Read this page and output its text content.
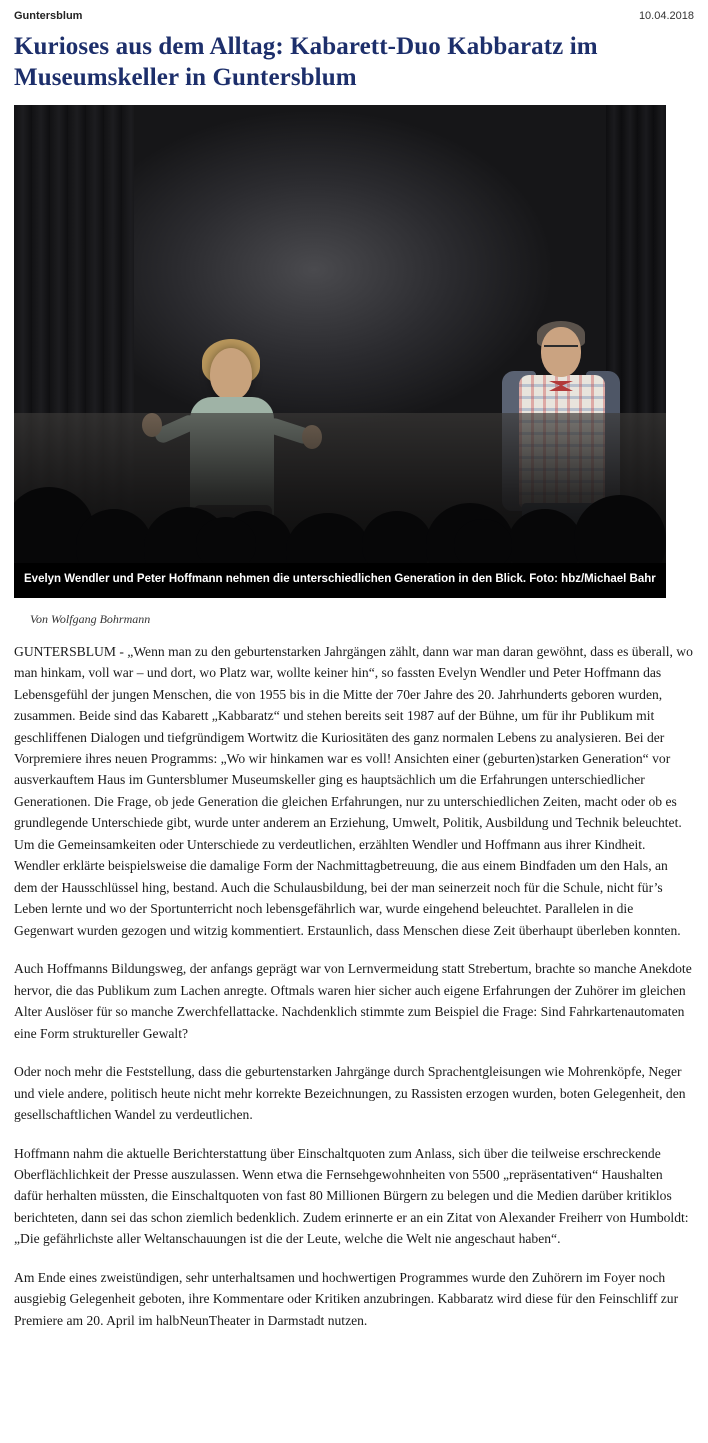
Guntersblum	10.04.2018
Kurioses aus dem Alltag: Kabarett-Duo Kabbaratz im Museumskeller in Guntersblum
Evelyn Wendler und Peter Hoffmann nehmen die unterschiedlichen Generation in den Blick. Foto: hbz/Michael Bahr
Von Wolfgang Bohrmann

GUNTERSBLUM - „Wenn man zu den geburtenstarken Jahrgängen zählt, dann war man daran gewöhnt, dass es überall, wo man hinkam, voll war – und dort, wo Platz war, wollte keiner hin“, so fassten Evelyn Wendler und Peter Hoffmann das Lebensgefühl der jungen Menschen, die von 1955 bis in die Mitte der 70er Jahre des 20. Jahrhunderts geboren wurden, zusammen. Beide sind das Kabarett „Kabbaratz“ und stehen bereits seit 1987 auf der Bühne, um für ihr Publikum mit geschliffenen Dialogen und tiefgründigem Wortwitz die Kuriositäten des ganz normalen Lebens zu analysieren. Bei der Vorpremiere ihres neuen Programms: „Wo wir hinkamen war es voll! Ansichten einer (geburten)starken Generation“ vor ausverkauftem Haus im Guntersblumer Museumskeller ging es hauptsächlich um die Erfahrungen unterschiedlicher Generationen. Die Frage, ob jede Generation die gleichen Erfahrungen, nur zu unterschiedlichen Zeiten, macht oder ob es grundlegende Unterschiede gibt, wurde unter anderem an Erziehung, Umwelt, Politik, Ausbildung und Technik beleuchtet. Um die Gemeinsamkeiten oder Unterschiede zu verdeutlichen, erzählten Wendler und Hoffmann aus ihrer Kindheit. Wendler erklärte beispielsweise die damalige Form der Nachmittagbetreuung, die aus einem Bindfaden um den Hals, an dem der Hausschlüssel hing, bestand. Auch die Schulausbildung, bei der man seinerzeit noch für die Schule, nicht für’s Leben lernte und wo der Sportunterricht noch lebensgefährlich war, wurde eingehend beleuchtet. Parallelen in die Gegenwart wurden gezogen und witzig kommentiert. Erstaunlich, dass Menschen diese Zeit überhaupt überleben konnten.

Auch Hoffmanns Bildungsweg, der anfangs geprägt war von Lernvermeidung statt Strebertum, brachte so manche Anekdote hervor, die das Publikum zum Lachen anregte. Oftmals waren hier sicher auch eigene Erfahrungen der Zuhörer im gleichen Alter Auslöser für so manche Zwerchfellattacke. Nachdenklich stimmte zum Beispiel die Frage: Sind Fahrkartenautomaten eine Form struktureller Gewalt?

Oder noch mehr die Feststellung, dass die geburtenstarken Jahrgänge durch Sprachentgleisungen wie Mohrenköpfe, Neger und viele andere, politisch heute nicht mehr korrekte Bezeichnungen, zu Rassisten erzogen wurden, boten Gelegenheit, den gesellschaftlichen Wandel zu verdeutlichen.

Hoffmann nahm die aktuelle Berichterstattung über Einschaltquoten zum Anlass, sich über die teilweise erschreckende Oberflächlichkeit der Presse auszulassen. Wenn etwa die Fernsehgewohnheiten von 5500 „repräsentativen“ Haushalten dafür herhalten müssten, die Einschaltquoten von fast 80 Millionen Bürgern zu belegen und die Medien darüber kritiklos berichteten, dann sei das schon ziemlich bedenklich. Zudem erinnerte er an ein Zitat von Alexander Freiherr von Humboldt: „Die gefährlichste aller Weltanschauungen ist die der Leute, welche die Welt nie angeschaut haben“.

Am Ende eines zweistündigen, sehr unterhaltsamen und hochwertigen Programmes wurde den Zuhörern im Foyer noch ausgiebig Gelegenheit geboten, ihre Kommentare oder Kritiken anzubringen. Kabbaratz wird diese für den Feinschliff zur Premiere am 20. April im halbNeunTheater in Darmstadt nutzen.
